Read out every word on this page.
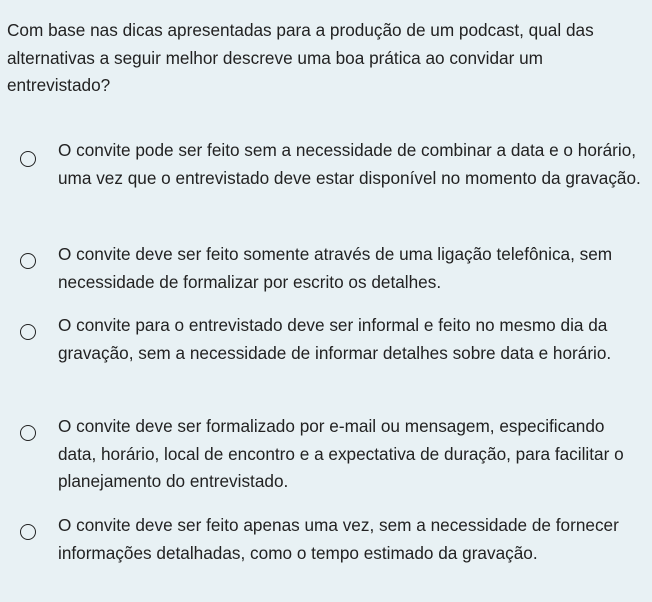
Com base nas dicas apresentadas para a produção de um podcast, qual das alternativas a seguir melhor descreve uma boa prática ao convidar um entrevistado?

O convite pode ser feito sem a necessidade de combinar a data e o horário, uma vez que o entrevistado deve estar disponível no momento da gravação.

O convite deve ser feito somente através de uma ligação telefônica, sem necessidade de formalizar por escrito os detalhes.

O convite para o entrevistado deve ser informal e feito no mesmo dia da gravação, sem a necessidade de informar detalhes sobre data e horário.

O convite deve ser formalizado por e-mail ou mensagem, especificando data, horário, local de encontro e a expectativa de duração, para facilitar o planejamento do entrevistado.

O convite deve ser feito apenas uma vez, sem a necessidade de fornecer informações detalhadas, como o tempo estimado da gravação.
